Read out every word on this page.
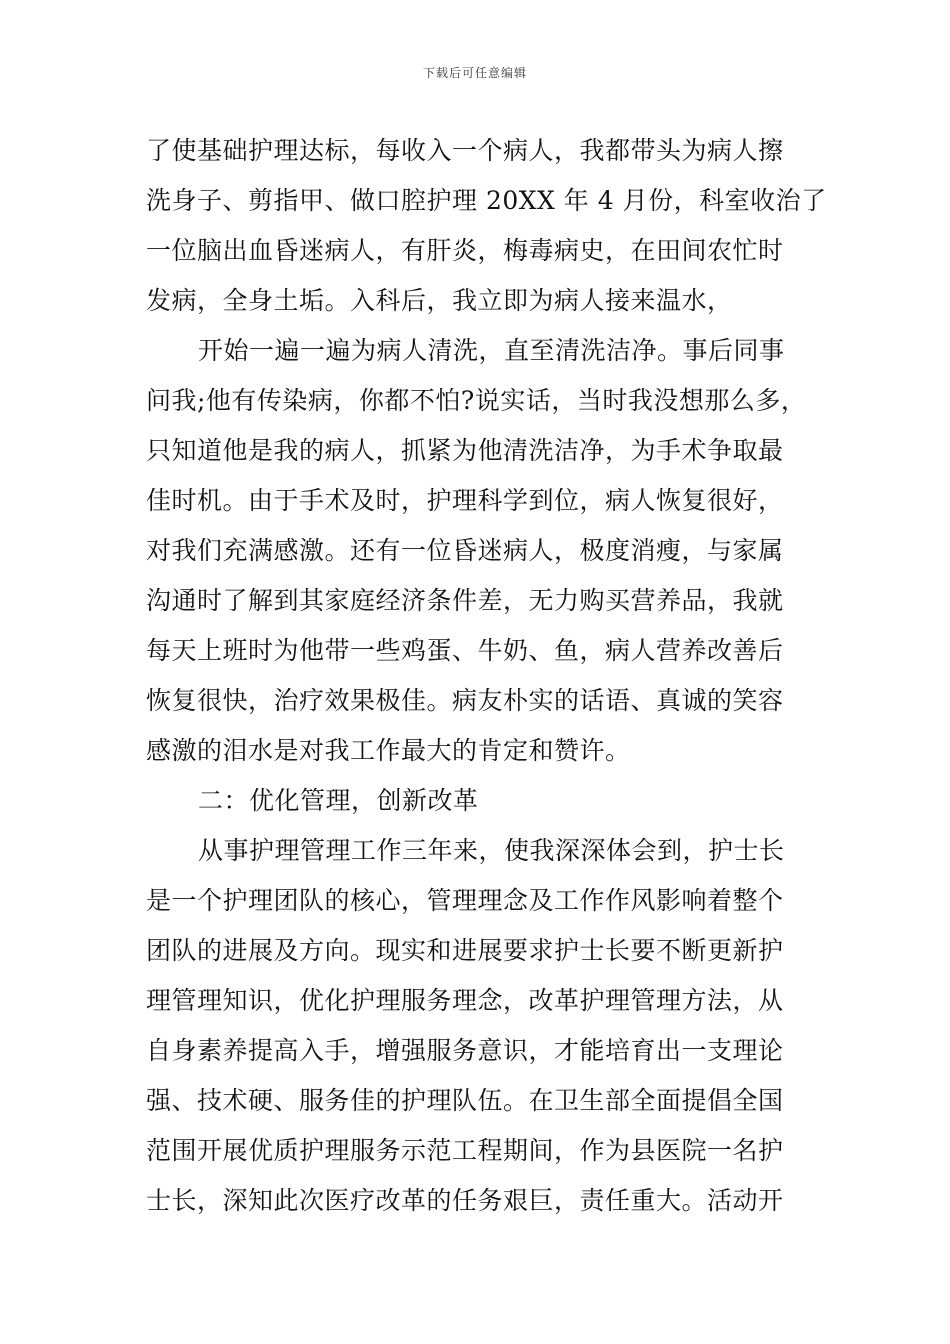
下载后可任意编辑
了使基础护理达标，每收入一个病人，我都带头为病人擦
洗身子、剪指甲、做口腔护理 20XX 年 4 月份，科室收治了
一位脑出血昏迷病人，有肝炎，梅毒病史，在田间农忙时
发病，全身土垢。入科后，我立即为病人接来温水，
开始一遍一遍为病人清洗，直至清洗洁净。事后同事
问我;他有传染病，你都不怕?说实话，当时我没想那么多，
只知道他是我的病人，抓紧为他清洗洁净，为手术争取最
佳时机。由于手术及时，护理科学到位，病人恢复很好，
对我们充满感激。还有一位昏迷病人，极度消瘦，与家属
沟通时了解到其家庭经济条件差，无力购买营养品，我就
每天上班时为他带一些鸡蛋、牛奶、鱼，病人营养改善后
恢复很快，治疗效果极佳。病友朴实的话语、真诚的笑容
感激的泪水是对我工作最大的肯定和赞许。
二：优化管理，创新改革
从事护理管理工作三年来，使我深深体会到，护士长
是一个护理团队的核心，管理理念及工作作风影响着整个
团队的进展及方向。现实和进展要求护士长要不断更新护
理管理知识，优化护理服务理念，改革护理管理方法，从
自身素养提高入手，增强服务意识，才能培育出一支理论
强、技术硬、服务佳的护理队伍。在卫生部全面提倡全国
范围开展优质护理服务示范工程期间，作为县医院一名护
士长，深知此次医疗改革的任务艰巨，责任重大。活动开
